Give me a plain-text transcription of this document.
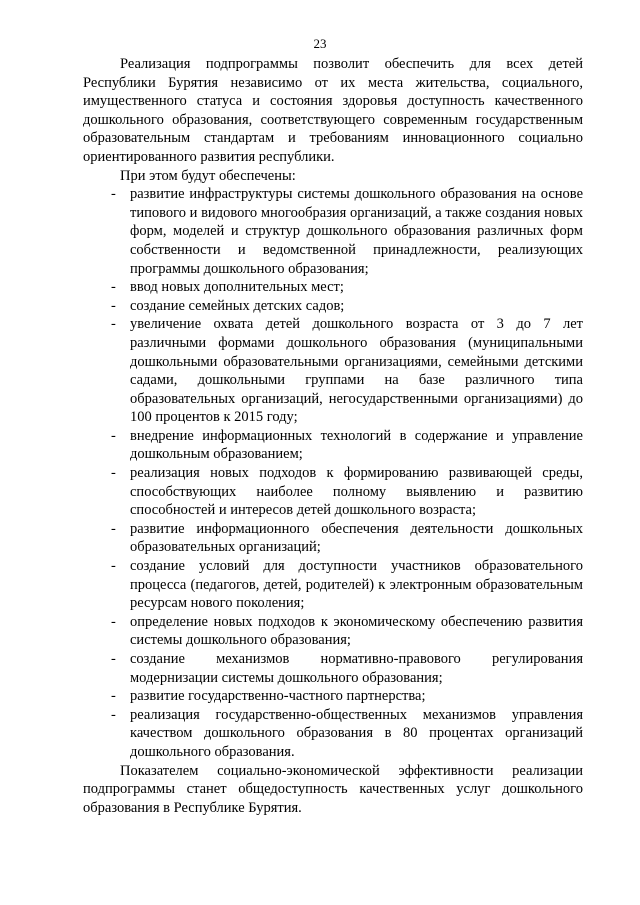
23

Реализация подпрограммы позволит обеспечить для всех детей Республики Бурятия независимо от их места жительства, социального, имущественного статуса и состояния здоровья доступность качественного дошкольного образования, соответствующего современным государственным образовательным стандартам и требованиям инновационного социально ориентированного развития республики.

При этом будут обеспечены:

- развитие инфраструктуры системы дошкольного образования на основе типового и видового многообразия организаций, а также создания новых форм, моделей и структур дошкольного образования различных форм собственности и ведомственной принадлежности, реализующих программы дошкольного образования;
- ввод новых дополнительных мест;
- создание семейных детских садов;
- увеличение охвата детей дошкольного возраста от 3 до 7 лет различными формами дошкольного образования (муниципальными дошкольными образовательными организациями, семейными детскими садами, дошкольными группами на базе различного типа образовательных организаций, негосударственными организациями) до 100 процентов к 2015 году;
- внедрение информационных технологий в содержание и управление дошкольным образованием;
- реализация новых подходов к формированию развивающей среды, способствующих наиболее полному выявлению и развитию способностей и интересов детей дошкольного возраста;
- развитие информационного обеспечения деятельности дошкольных образовательных организаций;
- создание условий для доступности участников образовательного процесса (педагогов, детей, родителей) к электронным образовательным ресурсам нового поколения;
- определение новых подходов к экономическому обеспечению развития системы дошкольного образования;
- создание механизмов нормативно-правового регулирования модернизации системы дошкольного образования;
- развитие государственно-частного партнерства;
- реализация государственно-общественных механизмов управления качеством дошкольного образования в 80 процентах организаций дошкольного образования.

Показателем социально-экономической эффективности реализации подпрограммы станет общедоступность качественных услуг дошкольного образования в Республике Бурятия.
